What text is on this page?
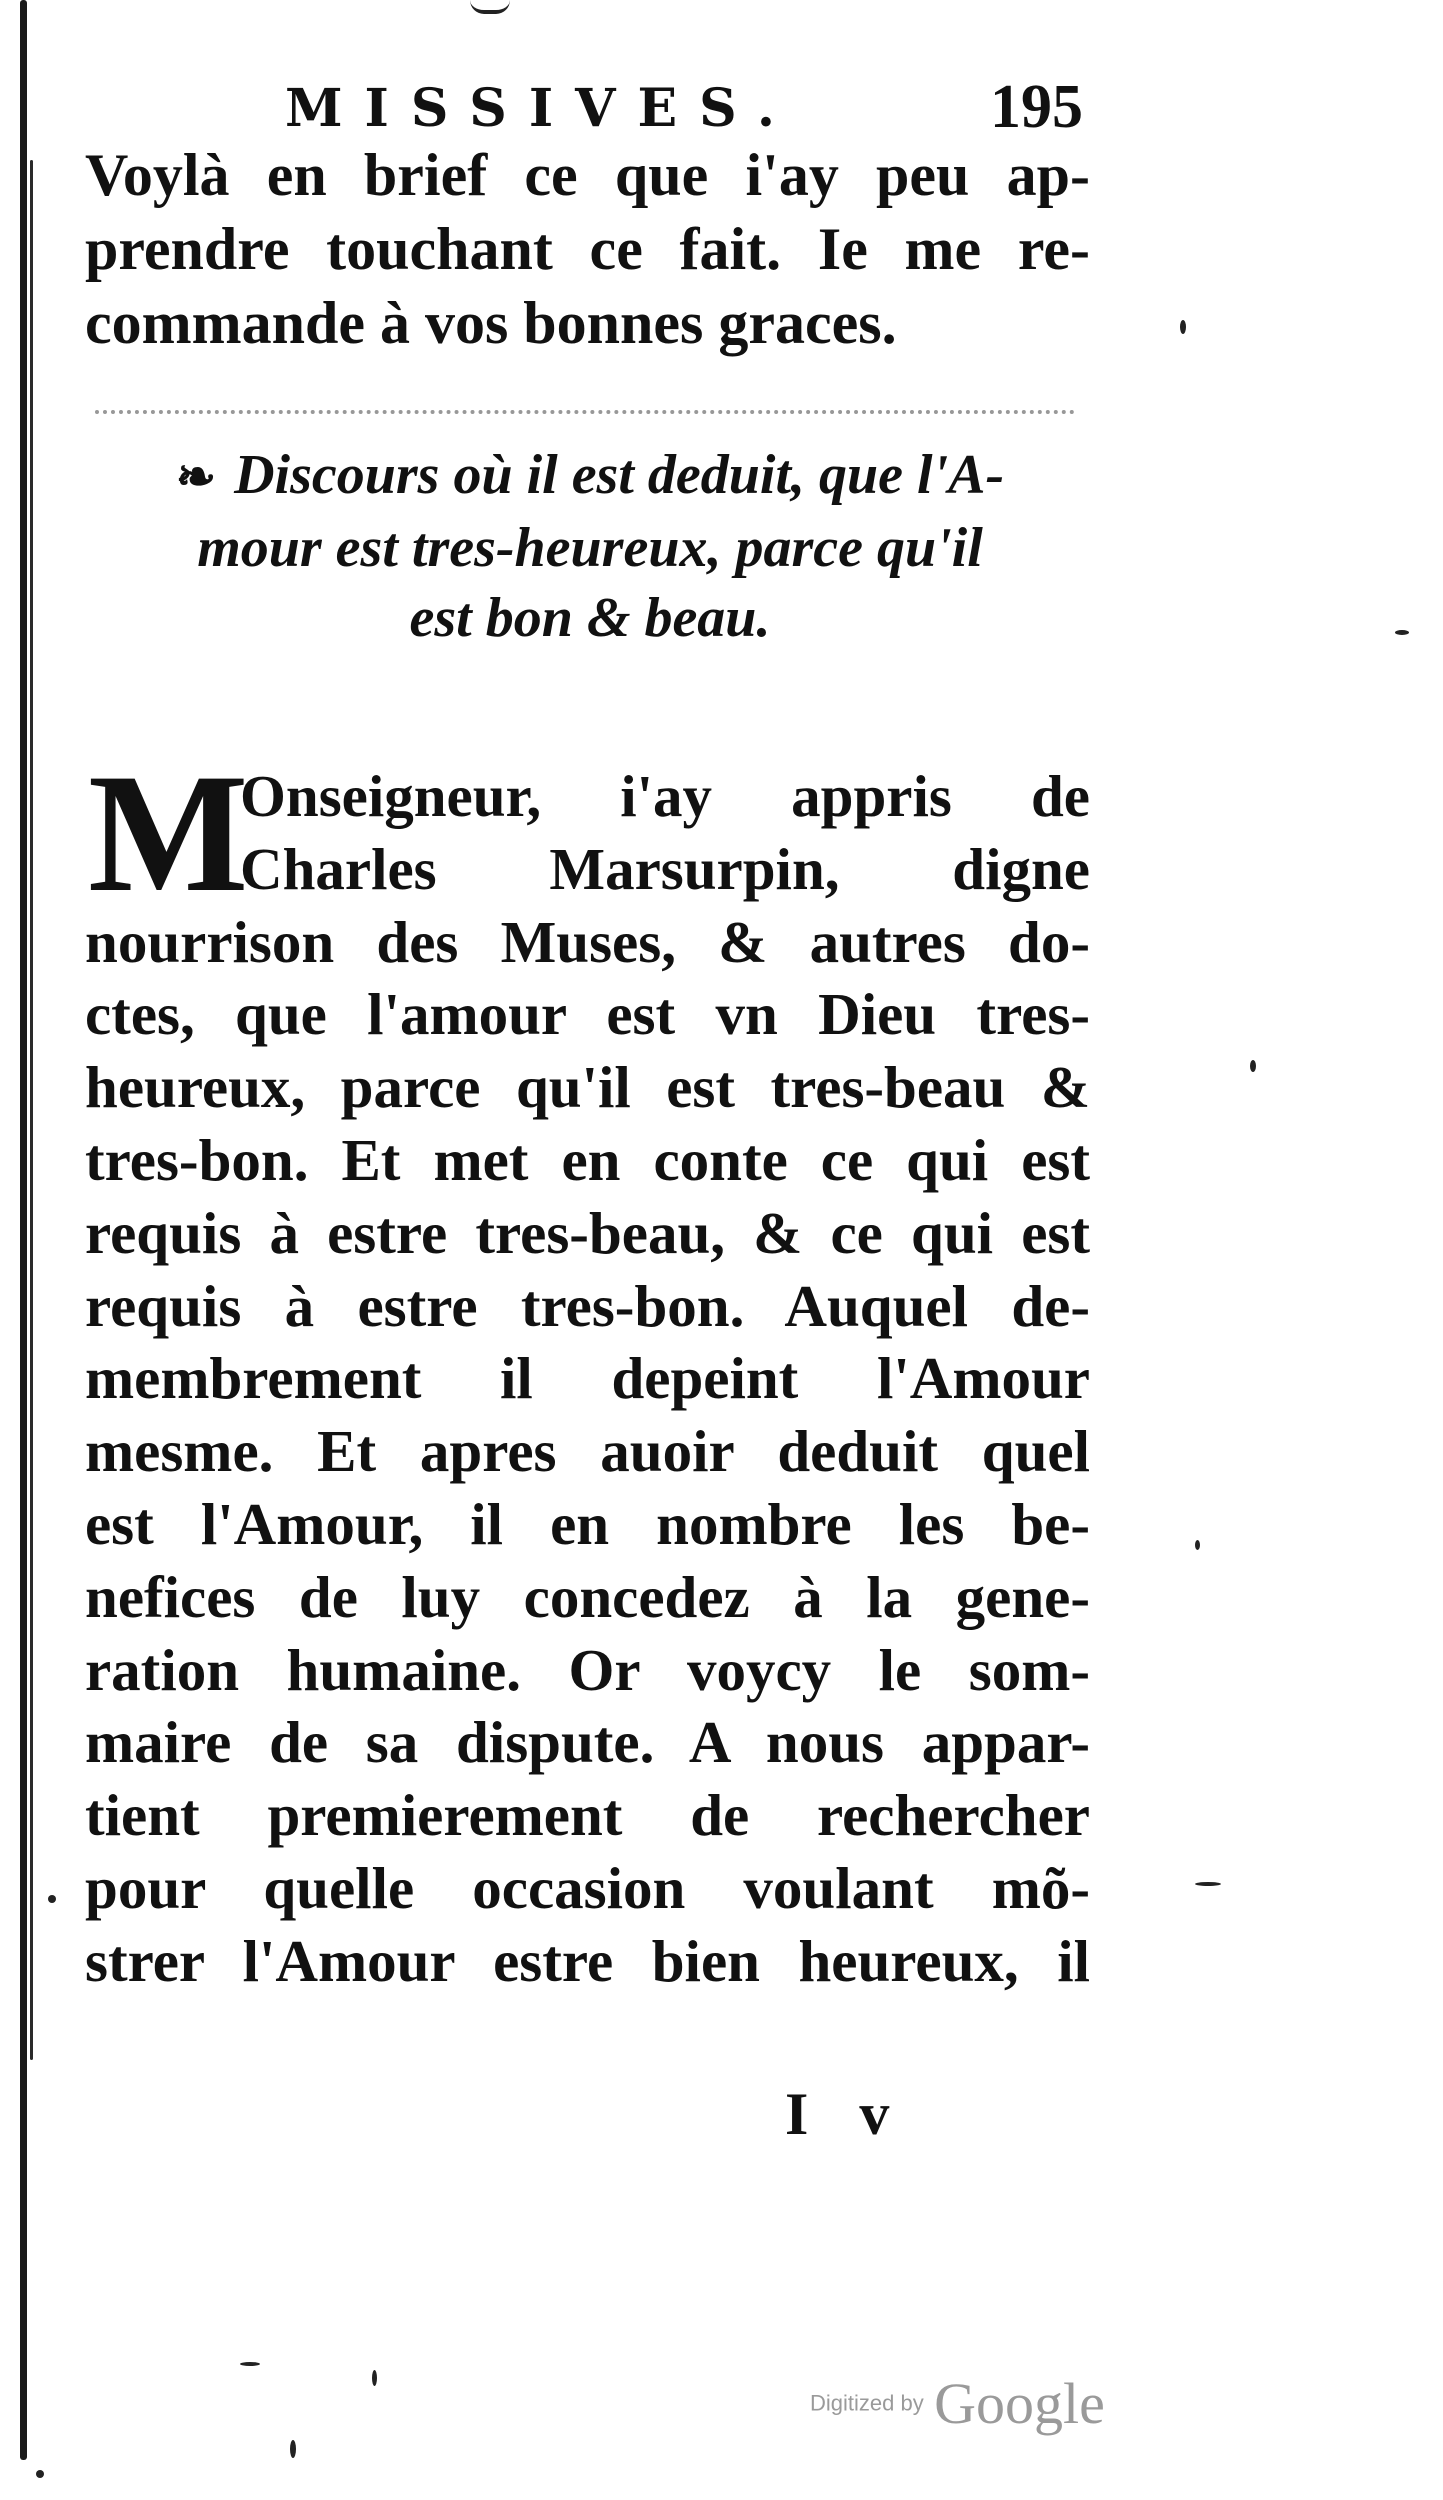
MISSIVES.	195

Voylà en brief ce que i'ay peu ap-
prendre touchant ce fait. Ie me re-
commande à vos bonnes graces.

❧ Discours où il est deduit, que l'A-
mour est tres-heureux, parce qu'il
est bon & beau.
M
Onseigneur, i'ay appris de
Charles Marsurpin, digne

nourrison des Muses, & autres do-
ctes, que l'amour est vn Dieu tres-
heureux, parce qu'il est tres-beau &
tres-bon. Et met en conte ce qui est
requis à estre tres-beau, & ce qui est
requis à estre tres-bon. Auquel de-
membrement il depeint l'Amour
mesme. Et apres auoir deduit quel
est l'Amour, il en nombre les be-
nefices de luy concedez à la gene-
ration humaine. Or voycy le som-
maire de sa dispute. A nous appar-
tient premierement de rechercher
pour quelle occasion voulant mõ-
strer l'Amour estre bien heureux, il

I v
Digitized by Google
